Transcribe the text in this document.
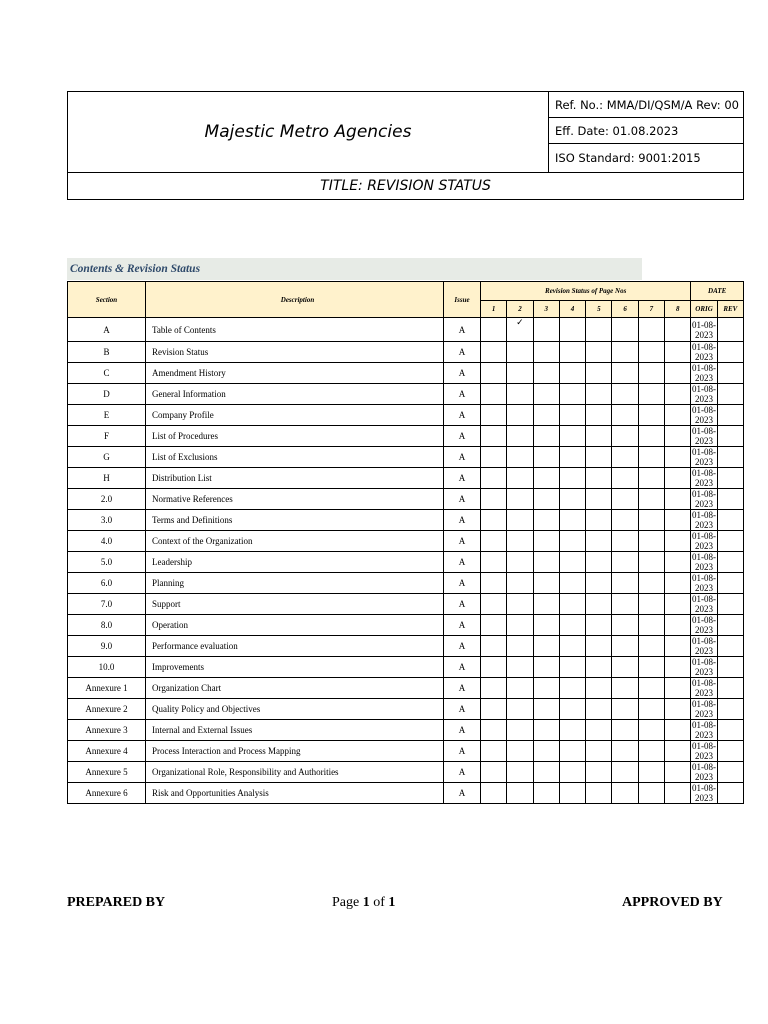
Majestic Metro Agencies
Ref. No.: MMA/DI/QSM/A Rev: 00
Eff. Date: 01.08.2023
ISO Standard: 9001:2015
TITLE: REVISION STATUS
Contents & Revision Status
Section	Description	Issue	Revision Status of Page Nos								DATE	
			1	2	3	4	5	6	7	8	ORIG	REV
A	Table of Contents	A		✓							01-08-2023	
B	Revision Status	A									01-08-2023	
C	Amendment History	A									01-08-2023	
D	General Information	A									01-08-2023	
E	Company Profile	A									01-08-2023	
F	List of Procedures	A									01-08-2023	
G	List of Exclusions	A									01-08-2023	
H	Distribution List	A									01-08-2023	
2.0	Normative References	A									01-08-2023	
3.0	Terms and Definitions	A									01-08-2023	
4.0	Context of the Organization	A									01-08-2023	
5.0	Leadership	A									01-08-2023	
6.0	Planning	A									01-08-2023	
7.0	Support	A									01-08-2023	
8.0	Operation	A									01-08-2023	
9.0	Performance evaluation	A									01-08-2023	
10.0	Improvements	A									01-08-2023	
Annexure 1	Organization Chart	A									01-08-2023	
Annexure 2	Quality Policy and Objectives	A									01-08-2023	
Annexure 3	Internal and External Issues	A									01-08-2023	
Annexure 4	Process Interaction and Process Mapping	A									01-08-2023	
Annexure 5	Organizational Role, Responsibility and Authorities	A									01-08-2023	
Annexure 6	Risk and Opportunities Analysis	A									01-08-2023	
PREPARED BY	Page 1 of 1	APPROVED BY
